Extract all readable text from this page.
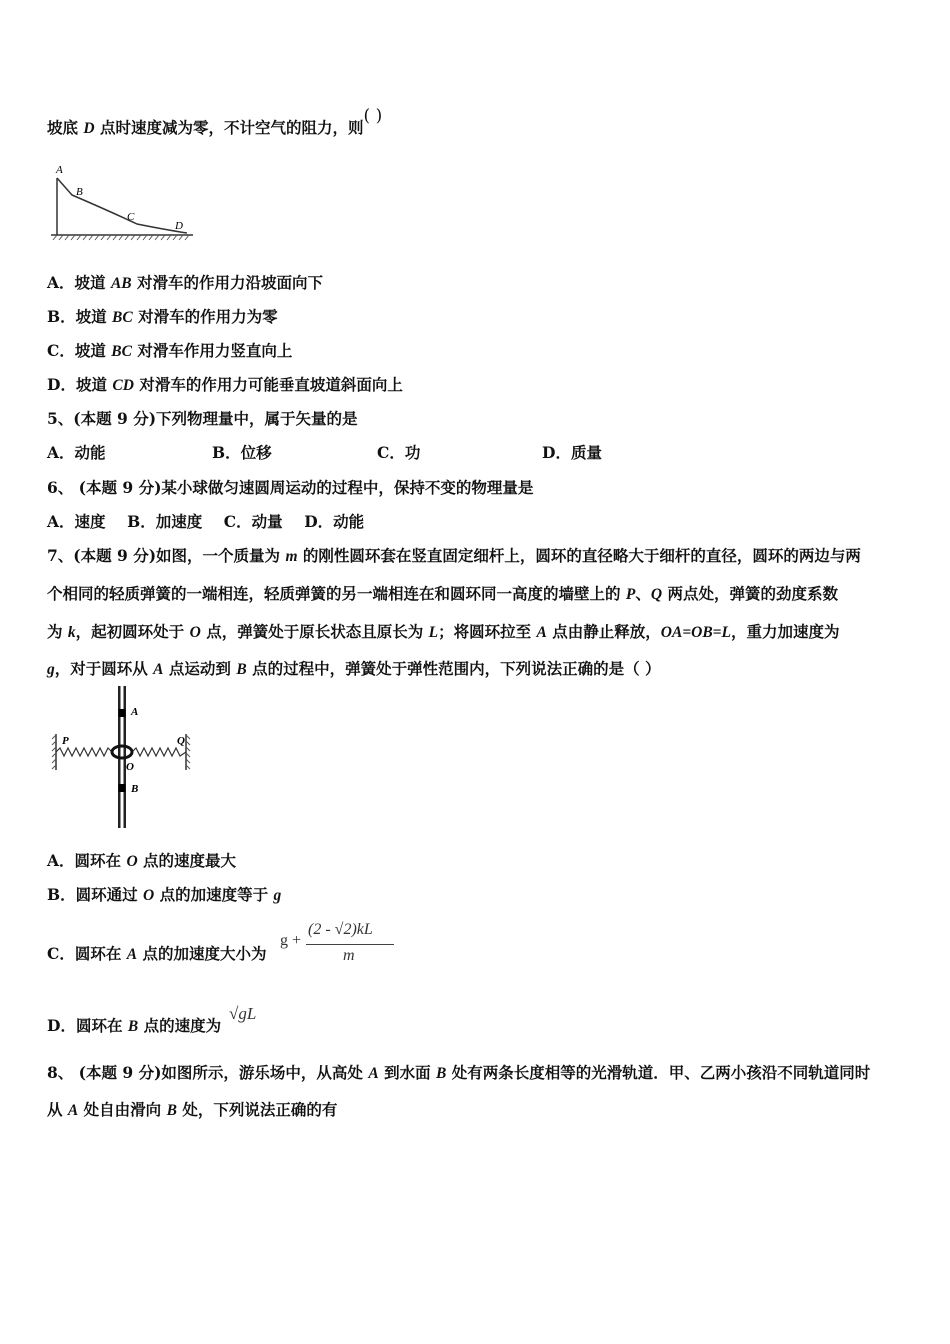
坡底 D 点时速度减为零，不计空气的阻力，则( )
A
B
C
D
A．坡道 AB 对滑车的作用力沿坡面向下
B．坡道 BC 对滑车的作用力为零
C．坡道 BC 对滑车作用力竖直向上
D．坡道 CD 对滑车的作用力可能垂直坡道斜面向上
5、(本题 9 分)下列物理量中，属于矢量的是
A．动能	B．位移	C．功	D．质量
6、 (本题 9 分)某小球做匀速圆周运动的过程中，保持不变的物理量是
A．速度    B．加速度    C．动量    D．动能
7、(本题 9 分)如图，一个质量为 m 的刚性圆环套在竖直固定细杆上，圆环的直径略大于细杆的直径，圆环的两边与两
个相同的轻质弹簧的一端相连，轻质弹簧的另一端相连在和圆环同一高度的墙壁上的 P、Q 两点处，弹簧的劲度系数
为 k，起初圆环处于 O 点，弹簧处于原长状态且原长为 L；将圆环拉至 A 点由静止释放，OA=OB=L，重力加速度为
g，对于圆环从 A 点运动到 B 点的过程中，弹簧处于弹性范围内，下列说法正确的是（ ）
A
P	Q
O
B
A．圆环在 O 点的速度最大
B．圆环通过 O 点的加速度等于 g
C．圆环在 A 点的加速度大小为
g +
(2 - √2)kL
m
D．圆环在 B 点的速度为
√gL
8、 (本题 9 分)如图所示，游乐场中，从高处 A 到水面 B 处有两条长度相等的光滑轨道．甲、乙两小孩沿不同轨道同时
从 A 处自由滑向 B 处，下列说法正确的有
